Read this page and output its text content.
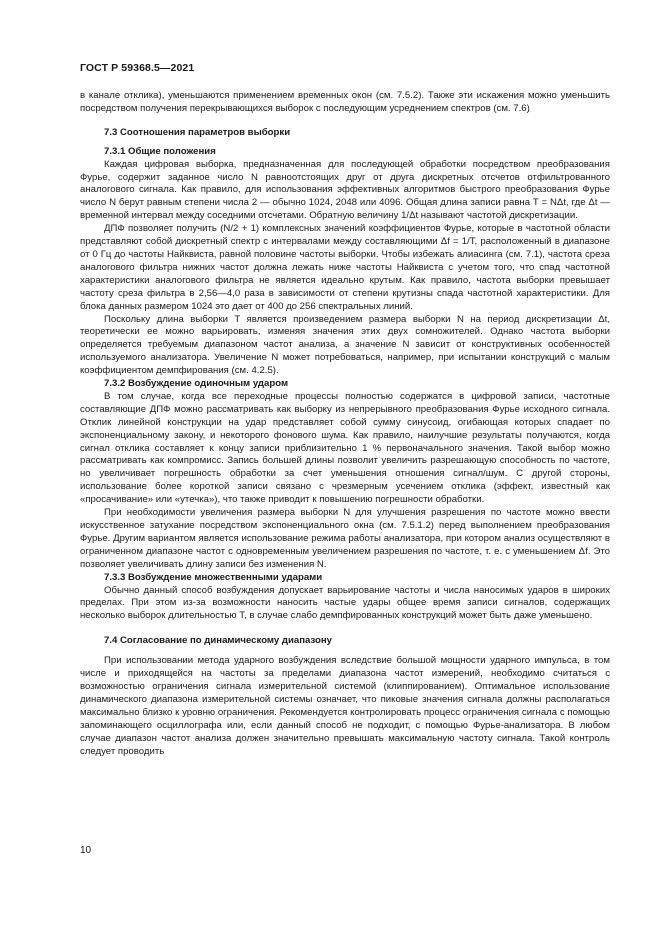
ГОСТ Р 59368.5—2021

в канале отклика), уменьшаются применением временных окон (см. 7.5.2). Также эти искажения можно уменьшить посредством получения перекрывающихся выборок с последующим усреднением спектров (см. 7.6)

7.3 Соотношения параметров выборки
7.3.1 Общие положения

Каждая цифровая выборка, предназначенная для последующей обработки посредством преобразования Фурье, содержит заданное число N равноотстоящих друг от друга дискретных отсчетов отфильтрованного аналогового сигнала. Как правило, для использования эффективных алгоритмов быстрого преобразования Фурье число N берут равным степени числа 2 — обычно 1024, 2048 или 4096. Общая длина записи равна T = NΔt, где Δt — временной интервал между соседними отсчетами. Обратную величину 1/Δt называют частотой дискретизации.

ДПФ позволяет получить (N/2 + 1) комплексных значений коэффициентов Фурье, которые в частотной области представляют собой дискретный спектр с интервалами между составляющими Δf = 1/T, расположенный в диапазоне от 0 Гц до частоты Найквиста, равной половине частоты выборки. Чтобы избежать алиасинга (см. 7.1), частота среза аналогового фильтра нижних частот должна лежать ниже частоты Найквиста с учетом того, что спад частотной характеристики аналогового фильтра не является идеально крутым. Как правило, частота выборки превышает частоту среза фильтра в 2,56—4,0 раза в зависимости от степени крутизны спада частотной характеристики. Для блока данных размером 1024 это дает от 400 до 256 спектральных линий.

Поскольку длина выборки T является произведением размера выборки N на период дискретизации Δt, теоретически ее можно варьировать, изменяя значения этих двух сомножителей. Однако частота выборки определяется требуемым диапазоном частот анализа, а значение N зависит от конструктивных особенностей используемого анализатора. Увеличение N может потребоваться, например, при испытании конструкций с малым коэффициентом демпфирования (см. 4.2.5).

7.3.2 Возбуждение одиночным ударом

В том случае, когда все переходные процессы полностью содержатся в цифровой записи, частотные составляющие ДПФ можно рассматривать как выборку из непрерывного преобразования Фурье исходного сигнала. Отклик линейной конструкции на удар представляет собой сумму синусоид, огибающая которых спадает по экспоненциальному закону, и некоторого фонового шума. Как правило, наилучшие результаты получаются, когда сигнал отклика составляет к концу записи приблизительно 1 % первоначального значения. Такой выбор можно рассматривать как компромисс. Запись большей длины позволит увеличить разрешающую способность по частоте, но увеличивает погрешность обработки за счет уменьшения отношения сигнал/шум. С другой стороны, использование более короткой записи связано с чрезмерным усечением отклика (эффект, известный как «просачивание» или «утечка»), что также приводит к повышению погрешности обработки.

При необходимости увеличения размера выборки N для улучшения разрешения по частоте можно ввести искусственное затухание посредством экспоненциального окна (см. 7.5.1.2) перед выполнением преобразования Фурье. Другим вариантом является использование режима работы анализатора, при котором анализ осуществляют в ограниченном диапазоне частот с одновременным увеличением разрешения по частоте, т. е. с уменьшением Δf. Это позволяет увеличивать длину записи без изменения N.

7.3.3 Возбуждение множественными ударами

Обычно данный способ возбуждения допускает варьирование частоты и числа наносимых ударов в широких пределах. При этом из-за возможности наносить частые удары общее время записи сигналов, содержащих несколько выборок длительностью T, в случае слабо демпфированных конструкций может быть даже уменьшено.

7.4 Согласование по динамическому диапазону

При использовании метода ударного возбуждения вследствие большой мощности ударного импульса, в том числе и приходящейся на частоты за пределами диапазона частот измерений, необходимо считаться с возможностью ограничения сигнала измерительной системой (клиппированием). Оптимальное использование динамического диапазона измерительной системы означает, что пиковые значения сигнала должны располагаться максимально близко к уровню ограничения. Рекомендуется контролировать процесс ограничения сигнала с помощью запоминающего осциллографа или, если данный способ не подходит, с помощью Фурье-анализатора. В любом случае диапазон частот анализа должен значительно превышать максимальную частоту сигнала. Такой контроль следует проводить

10
